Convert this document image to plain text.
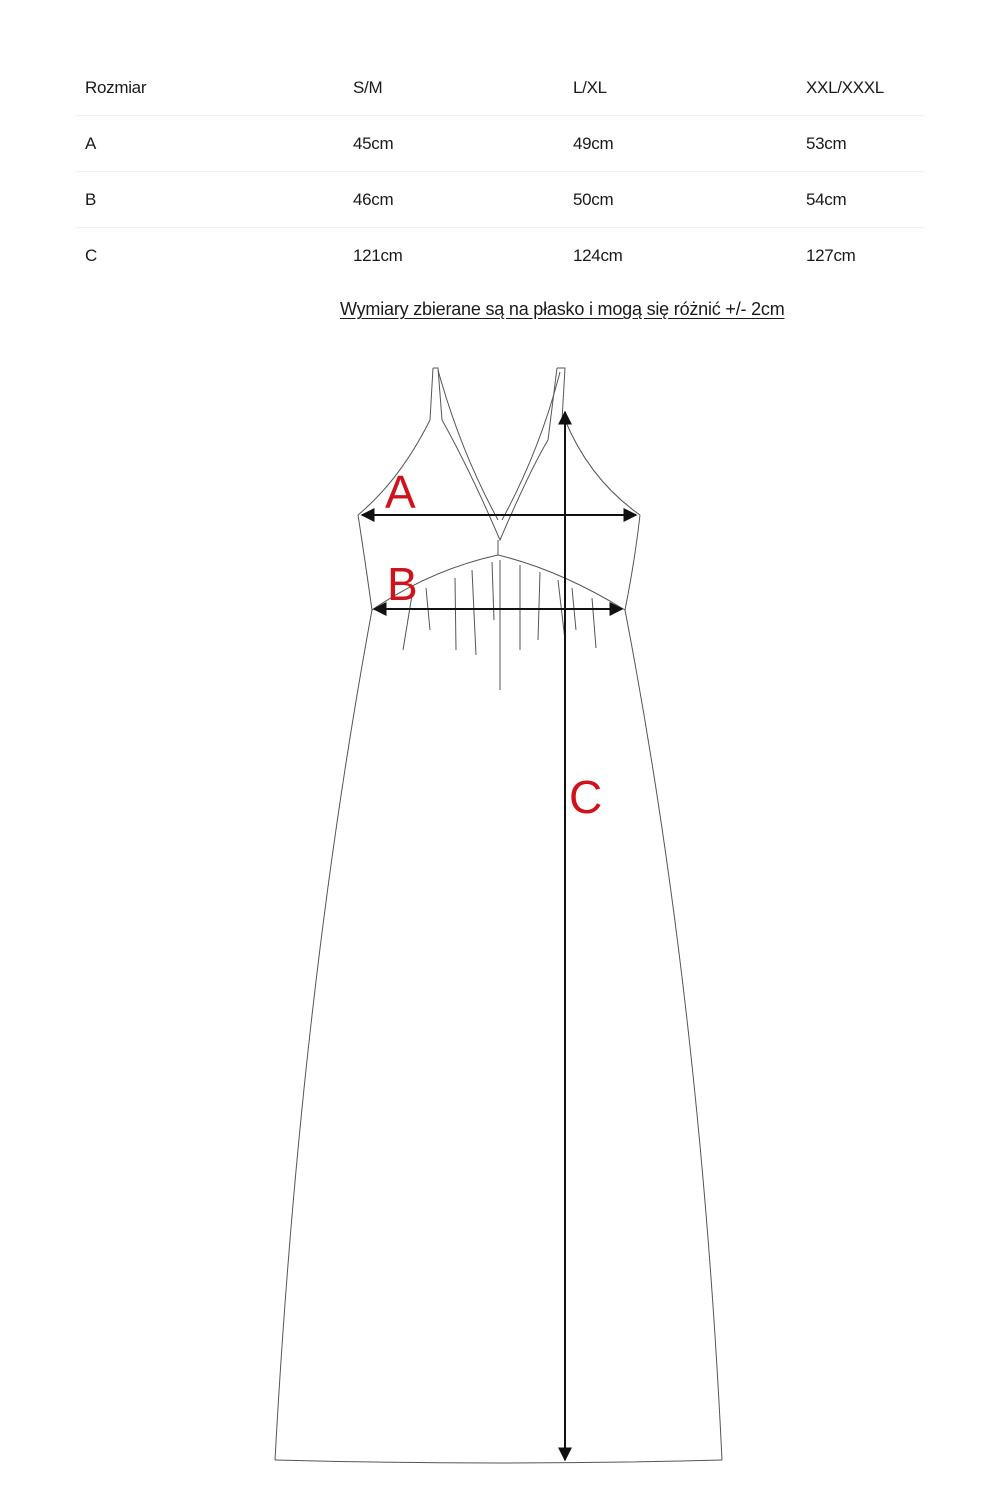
Rozmiar	S/M	L/XL	XXL/XXXL
A	45cm	49cm	53cm
B	46cm	50cm	54cm
C	121cm	124cm	127cm
Wymiary zbierane są na płasko i mogą się różnić +/- 2cm
A
B
C
